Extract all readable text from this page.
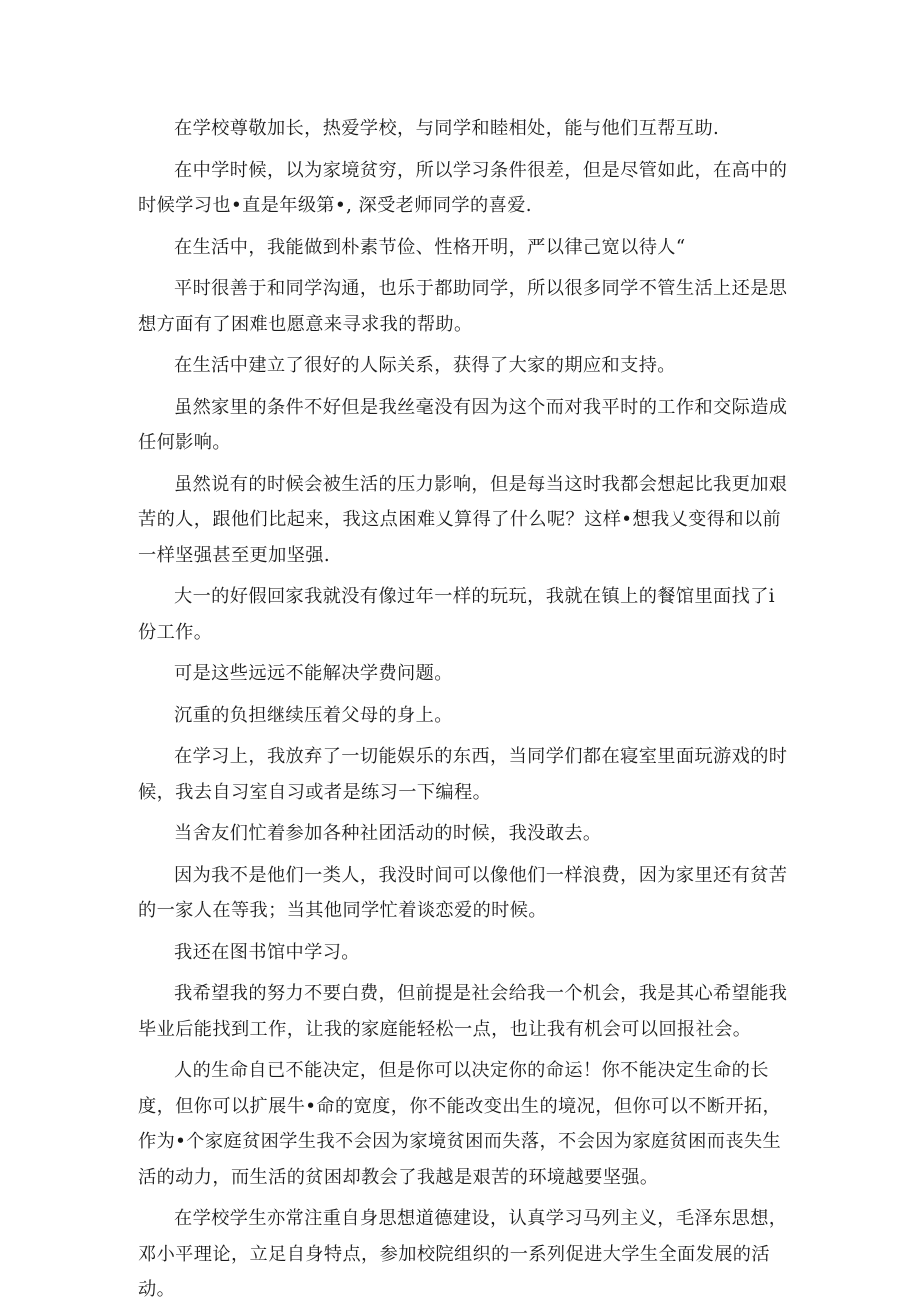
在学校尊敬加长，热爱学校，与同学和睦相处，能与他们互帮互助.

在中学时候，以为家境贫穷，所以学习条件很差，但是尽管如此，在高中的时候学习也•直是年级第•, 深受老师同学的喜爱.

在生活中，我能做到朴素节俭、性格开明，严以律己宽以待人“

平时很善于和同学沟通，也乐于都助同学，所以很多同学不管生活上还是思想方面有了困难也愿意来寻求我的帮助。

在生活中建立了很好的人际关系，获得了大家的期应和支持。

虽然家里的条件不好但是我丝毫没有因为这个而对我平时的工作和交际造成任何影响。

虽然说有的时候会被生活的压力影响，但是每当这时我都会想起比我更加艰苦的人，跟他们比起来，我这点困难乂算得了什么呢？这样•想我乂变得和以前一样坚强甚至更加坚强.

大一的好假回家我就没有像过年一样的玩玩，我就在镇上的餐馆里面找了i份工作。

可是这些远远不能解决学费问题。

沉重的负担继续压着父母的身上。

在学习上，我放弃了一切能娱乐的东西，当同学们都在寝室里面玩游戏的时候，我去自习室自习或者是练习一下编程。

当舍友们忙着参加各种社团活动的时候，我没敢去。

因为我不是他们一类人，我没时间可以像他们一样浪费，因为家里还有贫苦的一家人在等我；当其他同学忙着谈恋爱的时候。

我还在图书馆中学习。

我希望我的努力不要白费，但前提是社会给我一个机会，我是其心希望能我毕业后能找到工作，让我的家庭能轻松一点，也让我有机会可以回报社会。

人的生命自已不能决定，但是你可以决定你的命运！你不能决定生命的长度，但你可以扩展牛•命的宽度，你不能改变出生的境况，但你可以不断开拓，作为•个家庭贫困学生我不会因为家境贫困而失落，不会因为家庭贫困而丧失生活的动力，而生活的贫困却教会了我越是艰苦的环境越要坚强。

在学校学生亦常注重自身思想道德建设，认真学习马列主义，毛泽东思想，邓小平理论，立足自身特点，参加校院组织的一系列促进大学生全面发展的活动。
